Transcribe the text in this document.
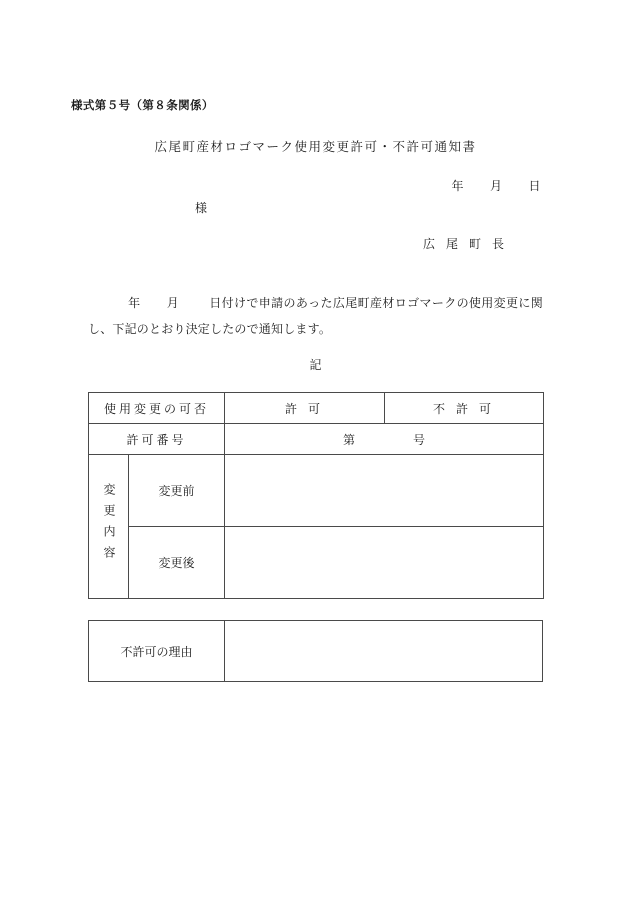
様式第５号（第８条関係）
広尾町産材ロゴマーク使用変更許可・不許可通知書
年 月 日
様
広 尾 町 長
年 月	日付けで申請のあった広尾町産材ロゴマークの使用変更に関し、下記のとおり決定したので通知します。
記
使用変更の可否		許 可	不 許 可
許可番号		第 号	
変更内容	変更前		
	変更後		
不許可の理由	
